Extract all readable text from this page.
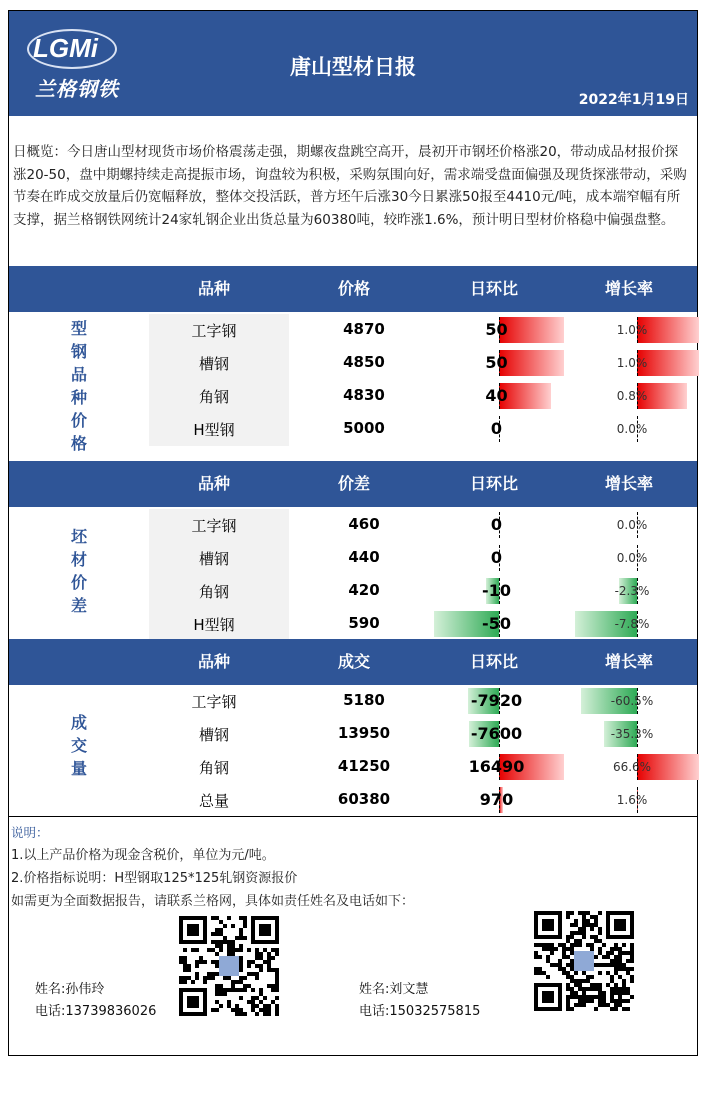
LGMi
兰格钢铁
唐山型材日报
2022年1月19日
日概览：今日唐山型材现货市场价格震荡走强，期螺夜盘跳空高开，晨初开市钢坯价格涨20，带动成品材报价探涨20-50，盘中期螺持续走高提振市场，询盘较为积极，采购氛围向好，需求端受盘面偏强及现货探涨带动，采购节奏在昨成交放量后仍宽幅释放，整体交投活跃，普方坯午后涨30今日累涨50报至4410元/吨，成本端窄幅有所支撑，据兰格钢铁网统计24家轧钢企业出货总量为60380吨，较昨涨1.6%，预计明日型材价格稳中偏强盘整。
品种	价格	日环比	增长率
工字钢	4870	50	1.0%
槽钢	4850	50	1.0%
角钢	4830	40	0.8%
H型钢	5000	0	0.0%
型
钢
品
种
价
格
品种	价差	日环比	增长率
工字钢	460	0	0.0%
槽钢	440	0	0.0%
角钢	420	-10	-2.3%
H型钢	590	-50	-7.8%
坯
材
价
差
品种	成交	日环比	增长率
工字钢	5180	-7920	-60.5%
槽钢	13950	-7600	-35.3%
角钢	41250	16490	66.6%
总量	60380	970	1.6%
成
交
量
说明：
1.以上产品价格为现金含税价，单位为元/吨。
2.价格指标说明：H型钢取125*125轧钢资源报价
如需更为全面数据报告，请联系兰格网，具体如责任姓名及电话如下：
姓名:孙伟玲
电话:13739836026
姓名:刘文慧
电话:15032575815
